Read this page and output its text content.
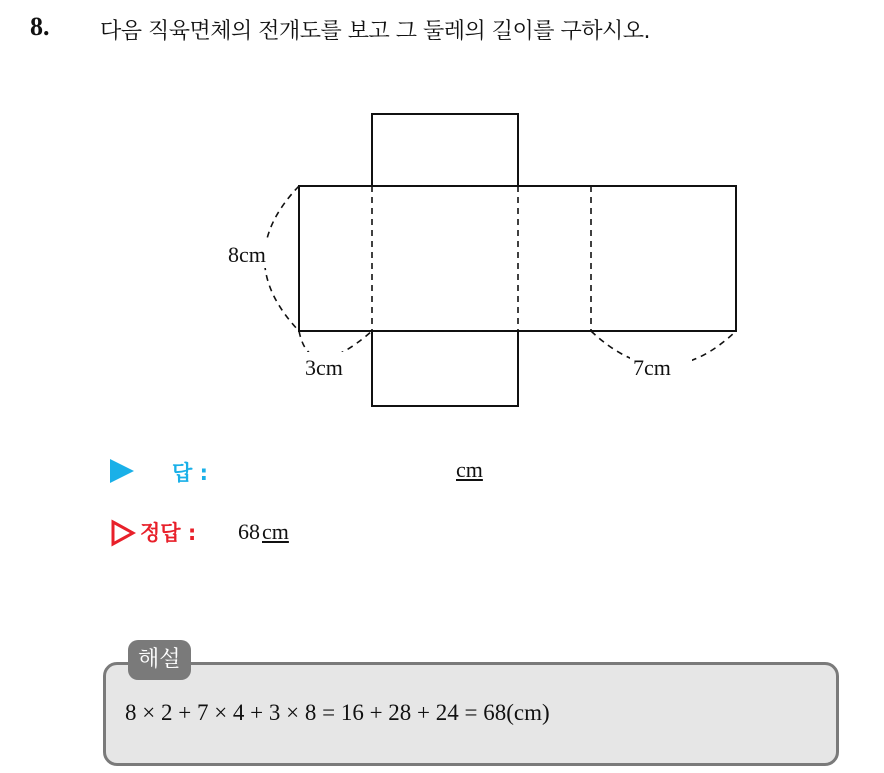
8. 다음 직육면체의 전개도를 보고 그 둘레의 길이를 구하시오.
8cm
3cm	7cm
답 :	cm
정답 : 68cm
해설
8 × 2 + 7 × 4 + 3 × 8 = 16 + 28 + 24 = 68(cm)
